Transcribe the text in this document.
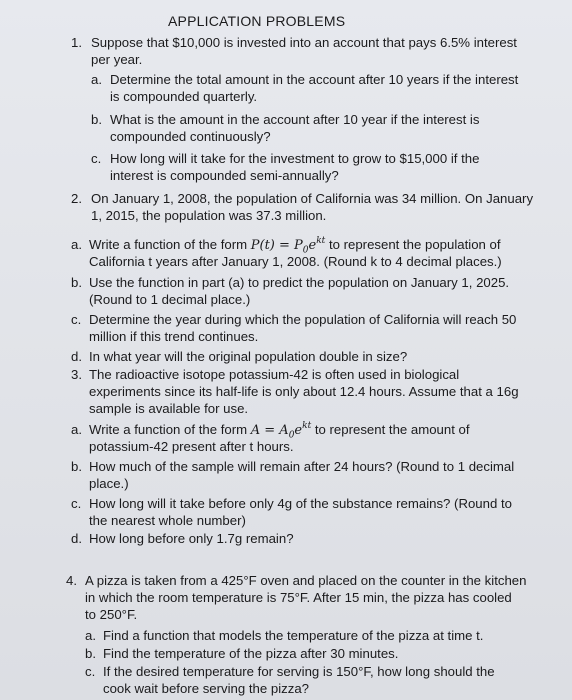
APPLICATION PROBLEMS
1. Suppose that $10,000 is invested into an account that pays 6.5% interest
per year.
a. Determine the total amount in the account after 10 years if the interest
is compounded quarterly.
b. What is the amount in the account after 10 year if the interest is
compounded continuously?
c. How long will it take for the investment to grow to $15,000 if the
interest is compounded semi-annually?
2. On January 1, 2008, the population of California was 34 million. On January
1, 2015, the population was 37.3 million.
a. Write a function of the form $P(t) = P_0e^{kt}$ to represent the population of
California t years after January 1, 2008. (Round k to 4 decimal places.)
b. Use the function in part (a) to predict the population on January 1, 2025.
(Round to 1 decimal place.)
c. Determine the year during which the population of California will reach 50
million if this trend continues.
d. In what year will the original population double in size?
3. The radioactive isotope potassium-42 is often used in biological
experiments since its half-life is only about 12.4 hours. Assume that a 16g
sample is available for use.
a. Write a function of the form $A = A_0e^{kt}$ to represent the amount of
potassium-42 present after t hours.
b. How much of the sample will remain after 24 hours? (Round to 1 decimal
place.)
c. How long will it take before only 4g of the substance remains? (Round to
the nearest whole number)
d. How long before only 1.7g remain?
4. A pizza is taken from a 425°F oven and placed on the counter in the kitchen
in which the room temperature is 75°F. After 15 min, the pizza has cooled
to 250°F.
a. Find a function that models the temperature of the pizza at time t.
b. Find the temperature of the pizza after 30 minutes.
c. If the desired temperature for serving is 150°F, how long should the
cook wait before serving the pizza?
